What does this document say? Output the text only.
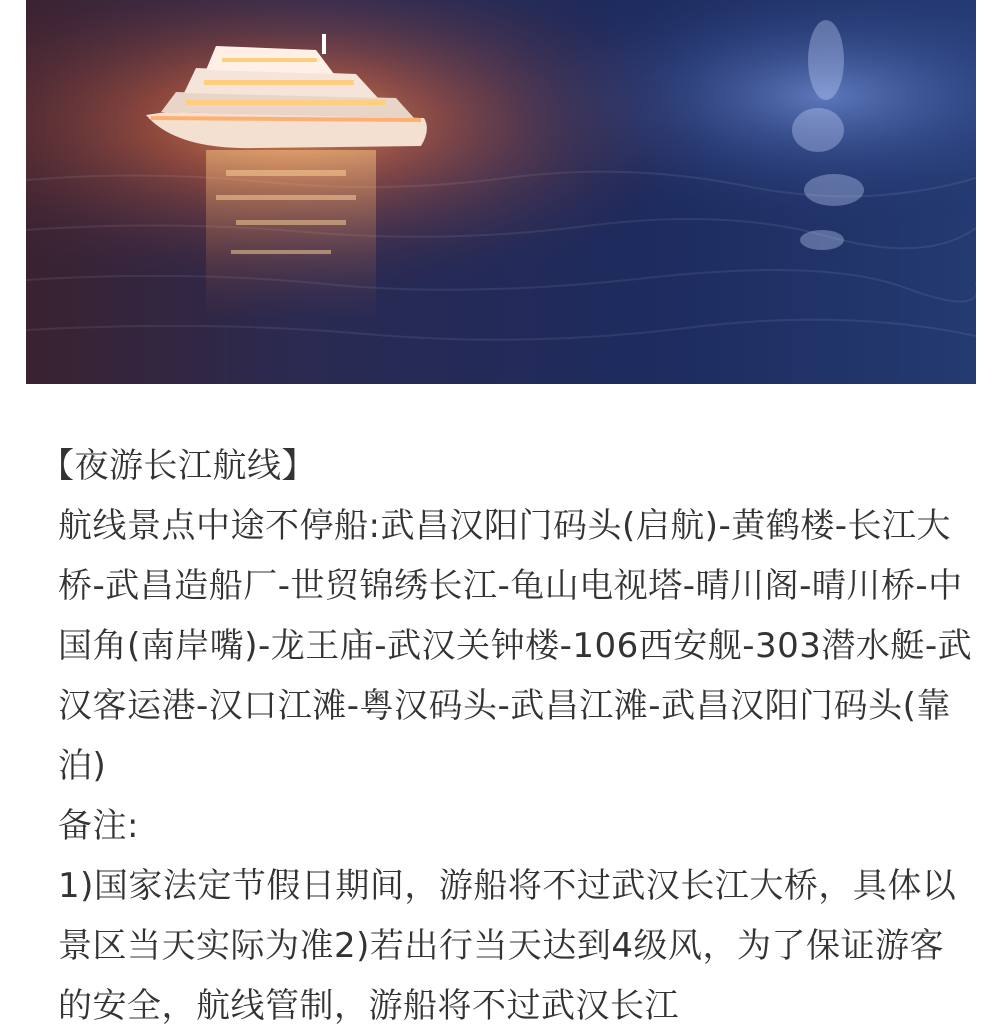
【夜游长江航线】

航线景点中途不停船:武昌汉阳门码头(启航)-黄鹤楼-长江大桥-武昌造船厂-世贸锦绣长江-龟山电视塔-晴川阁-晴川桥-中国角(南岸嘴)-龙王庙-武汉关钟楼-106西安舰-303潜水艇-武汉客运港-汉口江滩-粤汉码头-武昌江滩-武昌汉阳门码头(靠泊)

备注:

1)国家法定节假日期间，游船将不过武汉长江大桥，具体以景区当天实际为准2)若出行当天达到4级风，为了保证游客的安全，航线管制，游船将不过武汉长江
